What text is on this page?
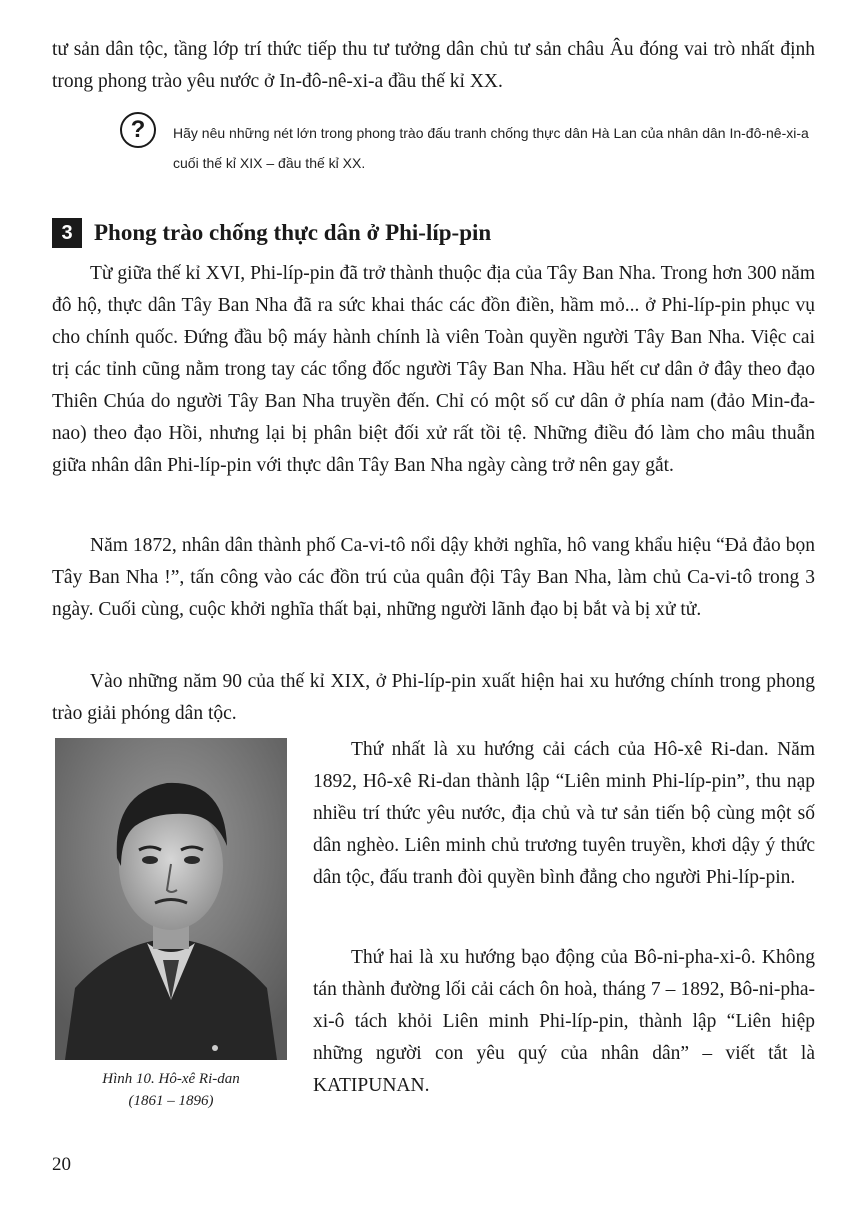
tư sản dân tộc, tầng lớp trí thức tiếp thu tư tưởng dân chủ tư sản châu Âu đóng vai trò nhất định trong phong trào yêu nước ở In-đô-nê-xi-a đầu thế kỉ XX.

?	Hãy nêu những nét lớn trong phong trào đấu tranh chống thực dân Hà Lan của nhân dân In-đô-nê-xi-a cuối thế kỉ XIX – đầu thế kỉ XX.
3 Phong trào chống thực dân ở Phi-líp-pin

Từ giữa thế kỉ XVI, Phi-líp-pin đã trở thành thuộc địa của Tây Ban Nha. Trong hơn 300 năm đô hộ, thực dân Tây Ban Nha đã ra sức khai thác các đồn điền, hầm mỏ... ở Phi-líp-pin phục vụ cho chính quốc. Đứng đầu bộ máy hành chính là viên Toàn quyền người Tây Ban Nha. Việc cai trị các tỉnh cũng nằm trong tay các tổng đốc người Tây Ban Nha. Hầu hết cư dân ở đây theo đạo Thiên Chúa do người Tây Ban Nha truyền đến. Chỉ có một số cư dân ở phía nam (đảo Min-đa-nao) theo đạo Hồi, nhưng lại bị phân biệt đối xử rất tồi tệ. Những điều đó làm cho mâu thuẫn giữa nhân dân Phi-líp-pin với thực dân Tây Ban Nha ngày càng trở nên gay gắt.

Năm 1872, nhân dân thành phố Ca-vi-tô nổi dậy khởi nghĩa, hô vang khẩu hiệu “Đả đảo bọn Tây Ban Nha !”, tấn công vào các đồn trú của quân đội Tây Ban Nha, làm chủ Ca-vi-tô trong 3 ngày. Cuối cùng, cuộc khởi nghĩa thất bại, những người lãnh đạo bị bắt và bị xử tử.

Vào những năm 90 của thế kỉ XIX, ở Phi-líp-pin xuất hiện hai xu hướng chính trong phong trào giải phóng dân tộc.

Hình 10. Hô-xê Ri-dan
(1861 – 1896)

Thứ nhất là xu hướng cải cách của Hô-xê Ri-dan. Năm 1892, Hô-xê Ri-dan thành lập “Liên minh Phi-líp-pin”, thu nạp nhiều trí thức yêu nước, địa chủ và tư sản tiến bộ cùng một số dân nghèo. Liên minh chủ trương tuyên truyền, khơi dậy ý thức dân tộc, đấu tranh đòi quyền bình đẳng cho người Phi-líp-pin.

Thứ hai là xu hướng bạo động của Bô-ni-pha-xi-ô. Không tán thành đường lối cải cách ôn hoà, tháng 7 – 1892, Bô-ni-pha-xi-ô tách khỏi Liên minh Phi-líp-pin, thành lập “Liên hiệp những người con yêu quý của nhân dân” – viết tắt là KATIPUNAN.

20
